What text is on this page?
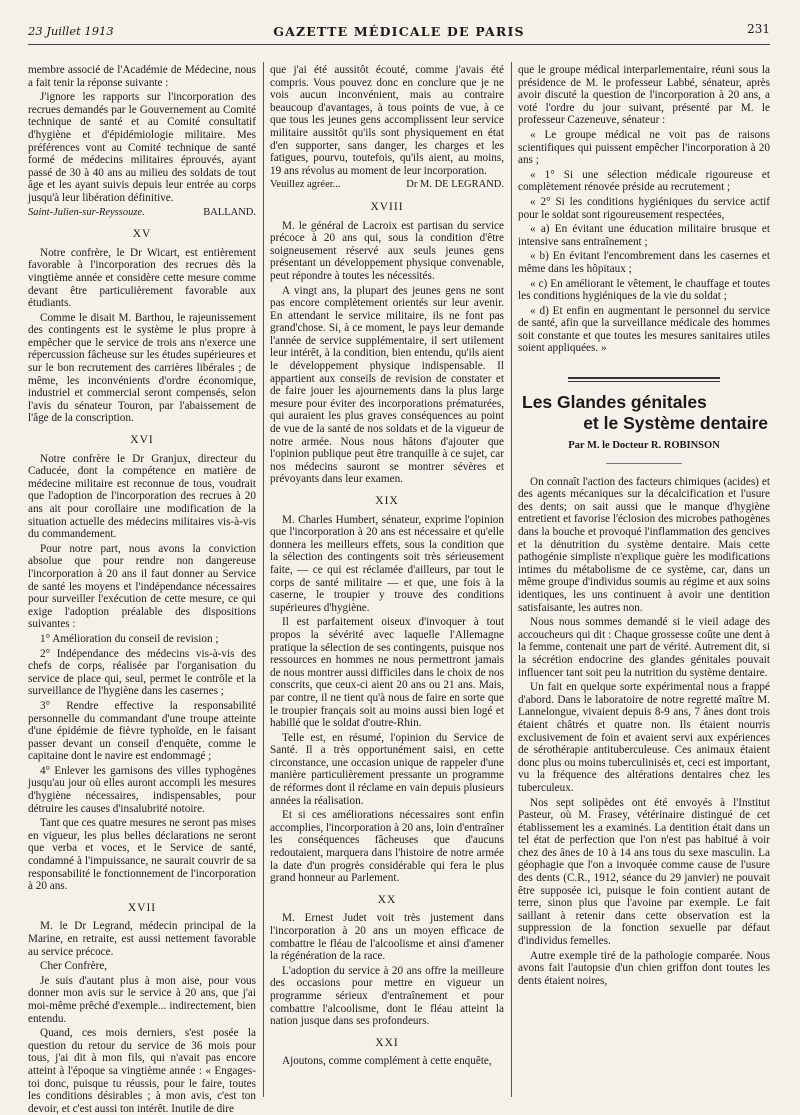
23 Juillet 1913	GAZETTE MÉDICALE DE PARIS	231

membre associé de l'Académie de Médecine, nous a fait tenir la réponse suivante :

J'ignore les rapports sur l'incorporation des recrues demandés par le Gouvernement au Comité technique de santé et au Comité consultatif d'hygiène et d'épidémiologie militaire. Mes préférences vont au Comité technique de santé formé de médecins militaires éprouvés, ayant passé de 30 à 40 ans au milieu des soldats de tout âge et les ayant suivis depuis leur entrée au corps jusqu'à leur libération définitive.

Saint-Julien-sur-Reyssouze.	BALLAND.
XV

Notre confrère, le Dr Wicart, est entièrement favorable à l'incorporation des recrues dès la vingtième année et considère cette mesure comme devant être particulièrement favorable aux étudiants.

Comme le disait M. Barthou, le rajeunissement des contingents est le système le plus propre à empêcher que le service de trois ans n'exerce une répercussion fâcheuse sur les études supérieures et sur le bon recrutement des carrières libérales ; de même, les inconvénients d'ordre économique, industriel et commercial seront compensés, selon l'avis du sénateur Touron, par l'abaissement de l'âge de la conscription.

XVI

Notre confrère le Dr Granjux, directeur du Caducée, dont la compétence en matière de médecine militaire est reconnue de tous, voudrait que l'adoption de l'incorporation des recrues à 20 ans ait pour corollaire une modification de la situation actuelle des médecins militaires vis-à-vis du commandement.

Pour notre part, nous avons la conviction absolue que pour rendre non dangereuse l'incorporation à 20 ans il faut donner au Service de santé les moyens et l'indépendance nécessaires pour surveiller l'exécution de cette mesure, ce qui exige l'adoption préalable des dispositions suivantes :

1° Amélioration du conseil de revision ;

2° Indépendance des médecins vis-à-vis des chefs de corps, réalisée par l'organisation du service de place qui, seul, permet le contrôle et la surveillance de l'hygiène dans les casernes ;

3° Rendre effective la responsabilité personnelle du commandant d'une troupe atteinte d'une épidémie de fièvre typhoïde, en le faisant passer devant un conseil d'enquête, comme le capitaine dont le navire est endommagé ;

4° Enlever les garnisons des villes typhogènes jusqu'au jour où elles auront accompli les mesures d'hygiène nécessaires, indispensables, pour détruire les causes d'insalubrité notoire.

Tant que ces quatre mesures ne seront pas mises en vigueur, les plus belles déclarations ne seront que verba et voces, et le Service de santé, condamné à l'impuissance, ne saurait couvrir de sa responsabilité le fonctionnement de l'incorporation à 20 ans.

XVII

M. le Dr Legrand, médecin principal de la Marine, en retraite, est aussi nettement favorable au service précoce.

Cher Confrère,

Je suis d'autant plus à mon aise, pour vous donner mon avis sur le service à 20 ans, que j'ai moi-même prêché d'exemple... indirectement, bien entendu.

Quand, ces mois derniers, s'est posée la question du retour du service de 36 mois pour tous, j'ai dit à mon fils, qui n'avait pas encore atteint à l'époque sa vingtième année : « Engages-toi donc, puisque tu réussis, pour le faire, toutes les conditions désirables ; à mon avis, c'est ton devoir, et c'est aussi ton intérêt. Inutile de dire

que j'ai été aussitôt écouté, comme j'avais été compris. Vous pouvez donc en conclure que je ne vois aucun inconvénient, mais au contraire beaucoup d'avantages, à tous points de vue, à ce que tous les jeunes gens accomplissent leur service militaire aussitôt qu'ils sont physiquement en état d'en supporter, sans danger, les charges et les fatigues, pourvu, toutefois, qu'ils aient, au moins, 19 ans révolus au moment de leur incorporation.

Veuillez agréer...	Dr M. DE LEGRAND.
XVIII

M. le général de Lacroix est partisan du service précoce à 20 ans qui, sous la condition d'être soigneusement réservé aux seuls jeunes gens présentant un développement physique convenable, peut répondre à toutes les nécessités.

A vingt ans, la plupart des jeunes gens ne sont pas encore complètement orientés sur leur avenir. En attendant le service militaire, ils ne font pas grand'chose. Si, à ce moment, le pays leur demande l'année de service supplémentaire, il sert utilement leur intérêt, à la condition, bien entendu, qu'ils aient le développement physique indispensable. Il appartient aux conseils de revision de constater et de faire jouer les ajournements dans la plus large mesure pour éviter des incorporations prématurées, qui auraient les plus graves conséquences au point de vue de la santé de nos soldats et de la vigueur de notre armée. Nous nous hâtons d'ajouter que l'opinion publique peut être tranquille à ce sujet, car nos médecins sauront se montrer sévères et prévoyants dans leur examen.

XIX

M. Charles Humbert, sénateur, exprime l'opinion que l'incorporation à 20 ans est nécessaire et qu'elle donnera les meilleurs effets, sous la condition que la sélection des contingents soit très sérieusement faite, — ce qui est réclamée d'ailleurs, par tout le corps de santé militaire — et que, une fois à la caserne, le troupier y trouve des conditions supérieures d'hygiène.

Il est parfaitement oiseux d'invoquer à tout propos la sévérité avec laquelle l'Allemagne pratique la sélection de ses contingents, puisque nos ressources en hommes ne nous permettront jamais de nous montrer aussi difficiles dans le choix de nos conscrits, que ceux-ci aient 20 ans ou 21 ans. Mais, par contre, il ne tient qu'à nous de faire en sorte que le troupier français soit au moins aussi bien logé et habillé que le soldat d'outre-Rhin.

Telle est, en résumé, l'opinion du Service de Santé. Il a très opportunément saisi, en cette circonstance, une occasion unique de rappeler d'une manière particulièrement pressante un programme de réformes dont il réclame en vain depuis plusieurs années la réalisation.

Et si ces améliorations nécessaires sont enfin accomplies, l'incorporation à 20 ans, loin d'entraîner les conséquences fâcheuses que d'aucuns redoutaient, marquera dans l'histoire de notre armée la date d'un progrès considérable qui fera le plus grand honneur au Parlement.

XX

M. Ernest Judet voit très justement dans l'incorporation à 20 ans un moyen efficace de combattre le fléau de l'alcoolisme et ainsi d'amener la régénération de la race.

L'adoption du service à 20 ans offre la meilleure des occasions pour mettre en vigueur un programme sérieux d'entraînement et pour combattre l'alcoolisme, dont le fléau atteint la nation jusque dans ses profondeurs.

XXI

Ajoutons, comme complément à cette enquête,

que le groupe médical interparlementaire, réuni sous la présidence de M. le professeur Labbé, sénateur, après avoir discuté la question de l'incorporation à 20 ans, a voté l'ordre du jour suivant, présenté par M. le professeur Cazeneuve, sénateur :

« Le groupe médical ne voit pas de raisons scientifiques qui puissent empêcher l'incorporation à 20 ans ;

« 1° Si une sélection médicale rigoureuse et complètement rénovée préside au recrutement ;

« 2° Si les conditions hygiéniques du service actif pour le soldat sont rigoureusement respectées,

« a) En évitant une éducation militaire brusque et intensive sans entraînement ;

« b) En évitant l'encombrement dans les casernes et même dans les hôpitaux ;

« c) En améliorant le vêtement, le chauffage et toutes les conditions hygiéniques de la vie du soldat ;

« d) Et enfin en augmentant le personnel du service de santé, afin que la surveillance médicale des hommes soit constante et que toutes les mesures sanitaires utiles soient appliquées. »

Les Glandes génitales
et le Système dentaire
Par M. le Docteur R. ROBINSON

On connaît l'action des facteurs chimiques (acides) et des agents mécaniques sur la décalcification et l'usure des dents; on sait aussi que le manque d'hygiène entretient et favorise l'éclosion des microbes pathogènes dans la bouche et provoqué l'inflammation des gencives et la dénutrition du système dentaire. Mais cette pathogénie simpliste n'explique guère les modifications intimes du métabolisme de ce système, car, dans un même groupe d'individus soumis au régime et aux soins identiques, les uns continuent à avoir une dentition satisfaisante, les autres non.

Nous nous sommes demandé si le vieil adage des accoucheurs qui dit : Chaque grossesse coûte une dent à la femme, contenait une part de vérité. Autrement dit, si la sécrétion endocrine des glandes génitales pouvait influencer tant soit peu la nutrition du système dentaire.

Un fait en quelque sorte expérimental nous a frappé d'abord. Dans le laboratoire de notre regretté maître M. Lannelongue, vivaient depuis 8-9 ans, 7 ânes dont trois étaient châtrés et quatre non. Ils étaient nourris exclusivement de foin et avaient servi aux expériences de sérothérapie antituberculeuse. Ces animaux étaient donc plus ou moins tuberculinisés et, ceci est important, vu la fréquence des altérations dentaires chez les tuberculeux.

Nos sept solipèdes ont été envoyés à l'Institut Pasteur, où M. Frasey, vétérinaire distingué de cet établissement les a examinés. La dentition était dans un tel état de perfection que l'on n'est pas habitué à voir chez des ânes de 10 à 14 ans tous du sexe masculin. La géophagie que l'on a invoquée comme cause de l'usure des dents (C.R., 1912, séance du 29 janvier) ne pouvait être supposée ici, puisque le foin contient autant de terre, sinon plus que l'avoine par exemple. Le fait saillant à retenir dans cette observation est la suppression de la fonction sexuelle par défaut d'individus femelles.

Autre exemple tiré de la pathologie comparée. Nous avons fait l'autopsie d'un chien griffon dont toutes les dents étaient noires,
